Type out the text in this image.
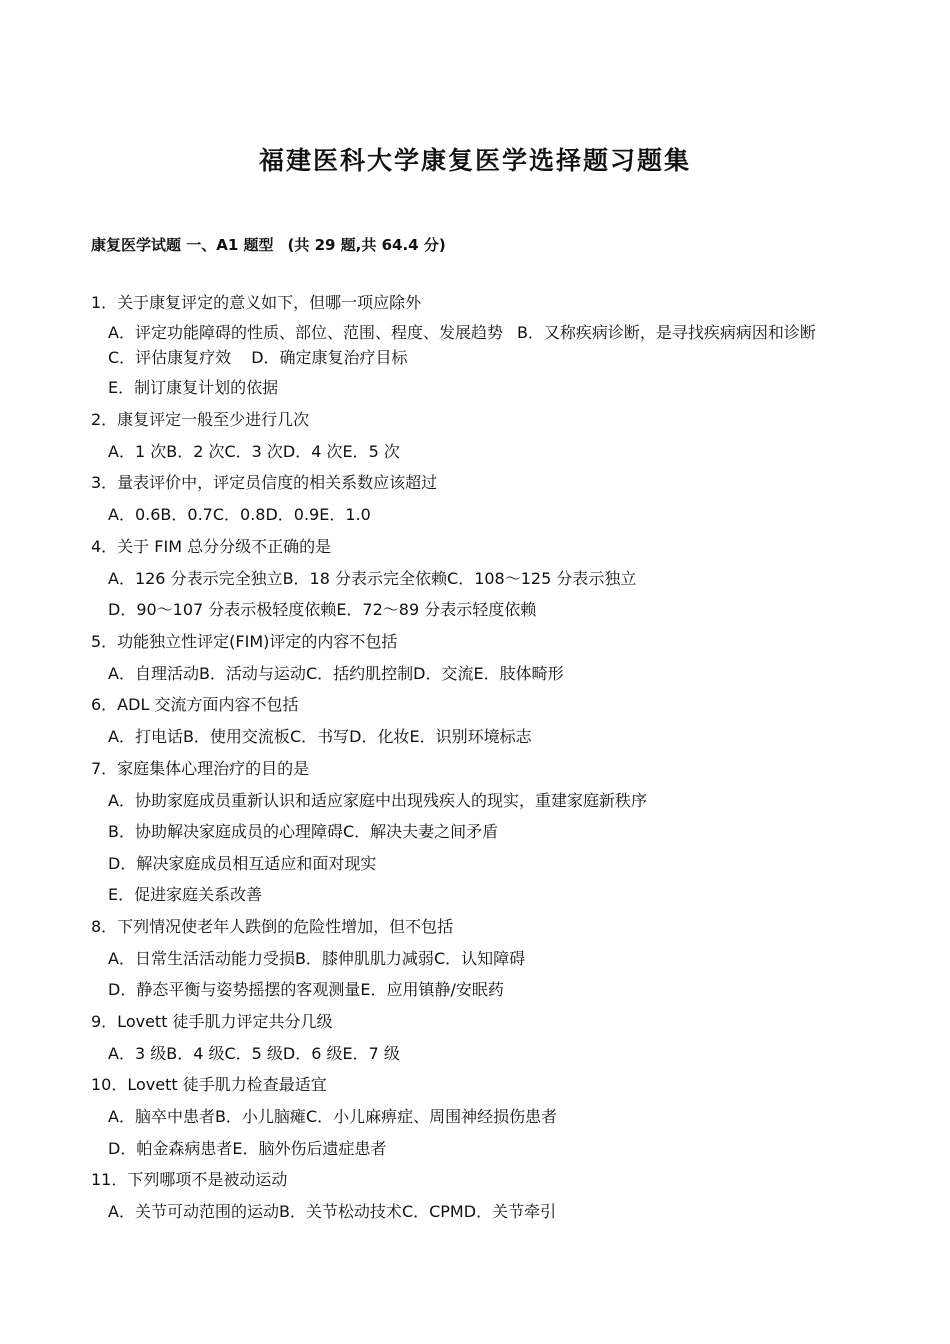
福建医科大学康复医学选择题习题集

康复医学试题 一、A1 题型 (共 29 题,共 64.4 分)

1．关于康复评定的意义如下，但哪一项应除外

A．评定功能障碍的性质、部位、范围、程度、发展趋势 B．又称疾病诊断，是寻找疾病病因和诊断C．评估康复疗效 D．确定康复治疗目标

E．制订康复计划的依据

2．康复评定一般至少进行几次

A．1 次B．2 次C．3 次D．4 次E．5 次

3．量表评价中，评定员信度的相关系数应该超过

A．0.6B．0.7C．0.8D．0.9E．1.0

4．关于 FIM 总分分级不正确的是

A．126 分表示完全独立B．18 分表示完全依赖C．108～125 分表示独立

D．90～107 分表示极轻度依赖E．72～89 分表示轻度依赖

5．功能独立性评定(FIM)评定的内容不包括

A．自理活动B．活动与运动C．括约肌控制D．交流E．肢体畸形

6．ADL 交流方面内容不包括

A．打电话B．使用交流板C．书写D．化妆E．识别环境标志

7．家庭集体心理治疗的目的是

A．协助家庭成员重新认识和适应家庭中出现残疾人的现实，重建家庭新秩序

B．协助解决家庭成员的心理障碍C．解决夫妻之间矛盾

D．解决家庭成员相互适应和面对现实

E．促进家庭关系改善

8．下列情况使老年人跌倒的危险性增加，但不包括

A．日常生活活动能力受损B．膝伸肌肌力减弱C．认知障碍

D．静态平衡与姿势摇摆的客观测量E．应用镇静/安眠药

9．Lovett 徒手肌力评定共分几级

A．3 级B．4 级C．5 级D．6 级E．7 级

10．Lovett 徒手肌力检查最适宜

A．脑卒中患者B．小儿脑瘫C．小儿麻痹症、周围神经损伤患者

D．帕金森病患者E．脑外伤后遗症患者

11．下列哪项不是被动运动

A．关节可动范围的运动B．关节松动技术C．CPMD．关节牵引
